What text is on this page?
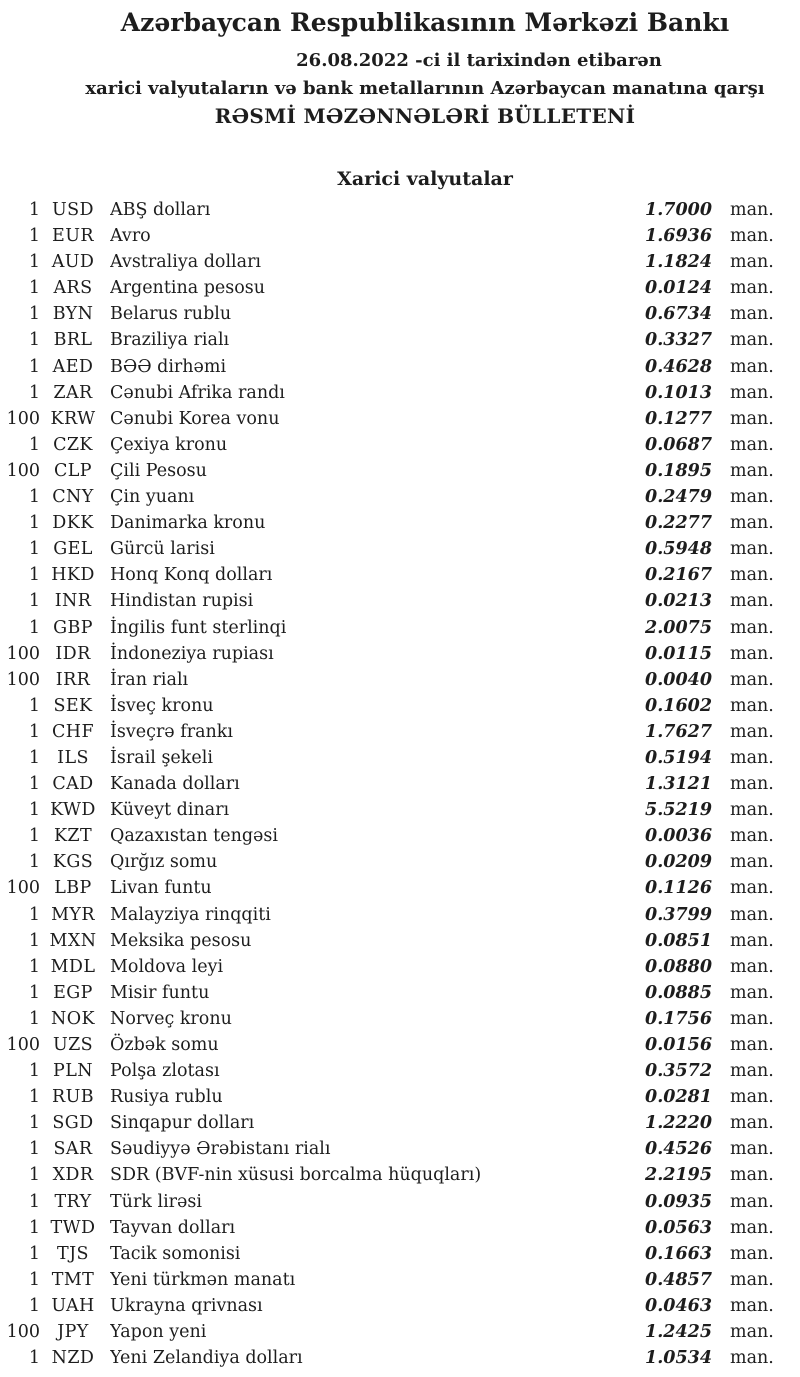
Azərbaycan Respublikasının Mərkəzi Bankı
26.08.2022 -ci il tarixindən etibarən
xarici valyutaların və bank metallarının Azərbaycan manatına qarşı
RƏSMİ MƏZƏNNƏLƏRİ BÜLLETENİ
Xarici valyutalar
1 USD ABŞ dolları	1.7000 man.
1 EUR Avro	1.6936 man.
1 AUD Avstraliya dolları	1.1824 man.
1 ARS	Argentina pesosu	0.0124 man.
1 BYN Belarus rublu	0.6734 man.
1 BRL	Braziliya rialı	0.3327 man.
1 AED BƏƏ dirhəmi	0.4628 man.
1 ZAR Cənubi Afrika randı	0.1013 man.
100 KRW Cənubi Korea vonu	0.1277 man.
1 CZK Çexiya kronu	0.0687 man.
100 CLP	Çili Pesosu	0.1895 man.
1 CNY Çin yuanı	0.2479 man.
1 DKK Danimarka kronu	0.2277 man.
1 GEL Gürcü larisi	0.5948 man.
1 HKD Honq Konq dolları	0.2167 man.
1 INR	Hindistan rupisi	0.0213 man.
1 GBP İngilis funt sterlinqi	2.0075 man.
100 IDR	İndoneziya rupiası	0.0115 man.
100 IRR	İran rialı	0.0040 man.
1 SEK İsveç kronu	0.1602 man.
1 CHF İsveçrə frankı	1.7627 man.
1 ILS	İsrail şekeli	0.5194 man.
1 CAD Kanada dolları	1.3121 man.
1 KWD Küveyt dinarı	5.5219 man.
1 KZT	Qazaxıstan tengəsi	0.0036 man.
1 KGS Qırğız somu	0.0209 man.
100 LBP	Livan funtu	0.1126 man.
1 MYR Malayziya rinqqiti	0.3799 man.
1 MXN Meksika pesosu	0.0851 man.
1 MDL Moldova leyi	0.0880 man.
1 EGP Misir funtu	0.0885 man.
1 NOK Norveç kronu	0.1756 man.
100 UZS Özbək somu	0.0156 man.
1 PLN Polşa zlotası	0.3572 man.
1 RUB Rusiya rublu	0.0281 man.
1 SGD Sinqapur dolları	1.2220 man.
1 SAR	Səudiyyə Ərəbistanı rialı	0.4526 man.
1 XDR SDR (BVF-nin xüsusi borcalma hüquqları)	2.2195 man.
1 TRY	Türk lirəsi	0.0935 man.
1 TWD Tayvan dolları	0.0563 man.
1 TJS	Tacik somonisi	0.1663 man.
1 TMT Yeni türkmən manatı	0.4857 man.
1 UAH Ukrayna qrivnası	0.0463 man.
100 JPY	Yapon yeni	1.2425 man.
1 NZD Yeni Zelandiya dolları	1.0534 man.
